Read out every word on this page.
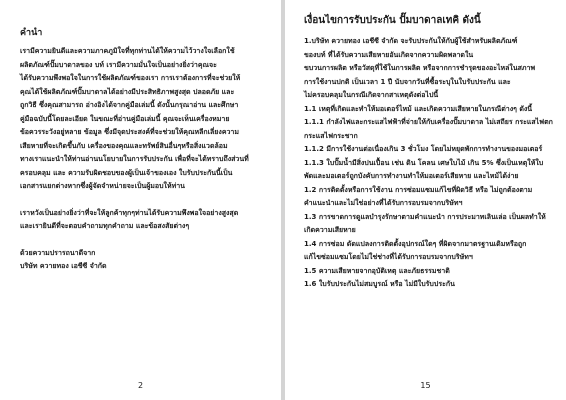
คำนำ

เรามีความยินดีและความภาคภูมิใจที่ทุกท่านได้ให้ความไว้วางใจเลือกใช้
ผลิตภัณฑ์ปั๊มบาดาลของ บท์ เรามีความมั่นใจเป็นอย่างยิ่งว่าคุณจะ
ได้รับความพึงพอใจในการใช้ผลิตภัณฑ์ของเรา การเราต้องการที่จะช่วยให้
คุณได้ใช้ผลิตภัณฑ์ปั๊มบาดาลได้อย่างมีประสิทธิภาพสูงสุด ปลอดภัย และ
ถูกวิธี ซึ่งคุณสามารถ อ่างอิงได้จากคู่มือเล่มนี้ ดังนั้นกรุณาอ่าน และศึกษา
คู่มือฉบับนี้โดยละเอียด ในขณะที่อ่านคู่มือเล่มนี้ คุณจะเห็นเครื่องหมาย
ข้อควรระวังอยู่หลาย ข้อมูล ซึ่งมีจุดประสงค์ที่จะช่วยให้คุณหลีกเลี่ยงความ
เสียหายที่จะเกิดขึ้นกับ เครื่องของคุณและทรัพย์สินอื่นๆหรือสิ่งแวดล้อม
ทางเราแนะนำให้ท่านอ่านนโยบายในการรับประกัน เพื่อที่จะได้ทราบถึงส่วนที่
ครอบคลุม และ ความรับผิดชอบของผู้เป็นเจ้าของเอง ใบรับประกันนี้เป็น
เอกสารแยกต่างหากซึ่งผู้จัดจำหน่ายจะเป็นผู้มอบให้ท่าน

เราหวังเป็นอย่างยิ่งว่าที่จะให้ลูกค้าทุกๆท่านได้รับความพึงพอใจอย่างสูงสุด
และเรายินดีที่จะตอบคำถามทุกคำถาม และข้อสงสัยต่างๆ

ด้วยความปรารถนาดีจาก
บริษัท ควายทอง เอชีซี จำกัด

2
เงื่อนไขการรับประกัน ปั๊มบาดาลเทคิ ดังนี้

1.บริษัท ควายทอง เอชีซี จำกัด จะรับประกันให้กับผู้ใช้สำหรับผลิตภัณฑ์
ของบท์ ที่ได้รับความเสียหายอันเกิดจากความผิดพลาดใน
ขบวนการผลิต หรือวัสดุที่ใช้ในการผลิต หรือจากการชำรุดของอะไหล่ในสภาพ
การใช้งานปกติ เป็นเวลา 1 ปี นับจากวันที่ซื้อระบุในใบรับประกัน และ
ไม่ครอบคลุมในกรณีเกิดจากสาเหตุดังต่อไปนี้
1.1 เหตุที่เกิดและทำให้มอเตอร์ไหม้ และเกิดความเสียหายในกรณีต่างๆ ดังนี้
1.1.1 กำลังไฟและกระแสไฟฟ้าที่จ่ายให้กับเครื่องปั๊มบาดาล ไม่เสถียร กระแสไฟตก
กระแสไฟกระชาก
1.1.2 มีการใช้งานต่อเนื่องเกิน 3 ชั่วโมง โดยไม่หยุดพักการทำงานของมอเตอร์
1.1.3 ใบปั๊มน้ำมีสิ่งปนเปื้อน เช่น ดิน โคลน เศษใบไม้ เกิน 5% ซึ่งเป็นเหตุให้ใบ
พัดและมอเตอร์ถูกบังคับการทำงานทำให้มอเตอร์เสียหาย และไหม้ได้ง่าย
1.2 การติดตั้งหรือการใช้งาน การซ่อมแซมแก้ไขที่ผิดวิธี หรือ ไม่ถูกต้องตาม
คำแนะนำและไม่ใช่อย่างที่ได้รับการอบรมจากบริษัทฯ
1.3 การขาดการดูแลบำรุงรักษาตามคำแนะนำ การประมาทเลินเล่อ เป็นผลทำให้
เกิดความเสียหาย
1.4 การซ่อม ดัดแปลงการติดตั้งอุปกรณ์ใดๆ ที่ผิดจากมาตรฐานเดิมหรือถูก
แก้ไขซ่อมแซมโดยไม่ใช่ช่างที่ได้รับการอบรมจากบริษัทฯ
1.5 ความเสียหายจากอุบัติเหตุ และภัยธรรมชาติ
1.6 ใบรับประกันไม่สมบูรณ์ หรือ ไม่มีใบรับประกัน

15
